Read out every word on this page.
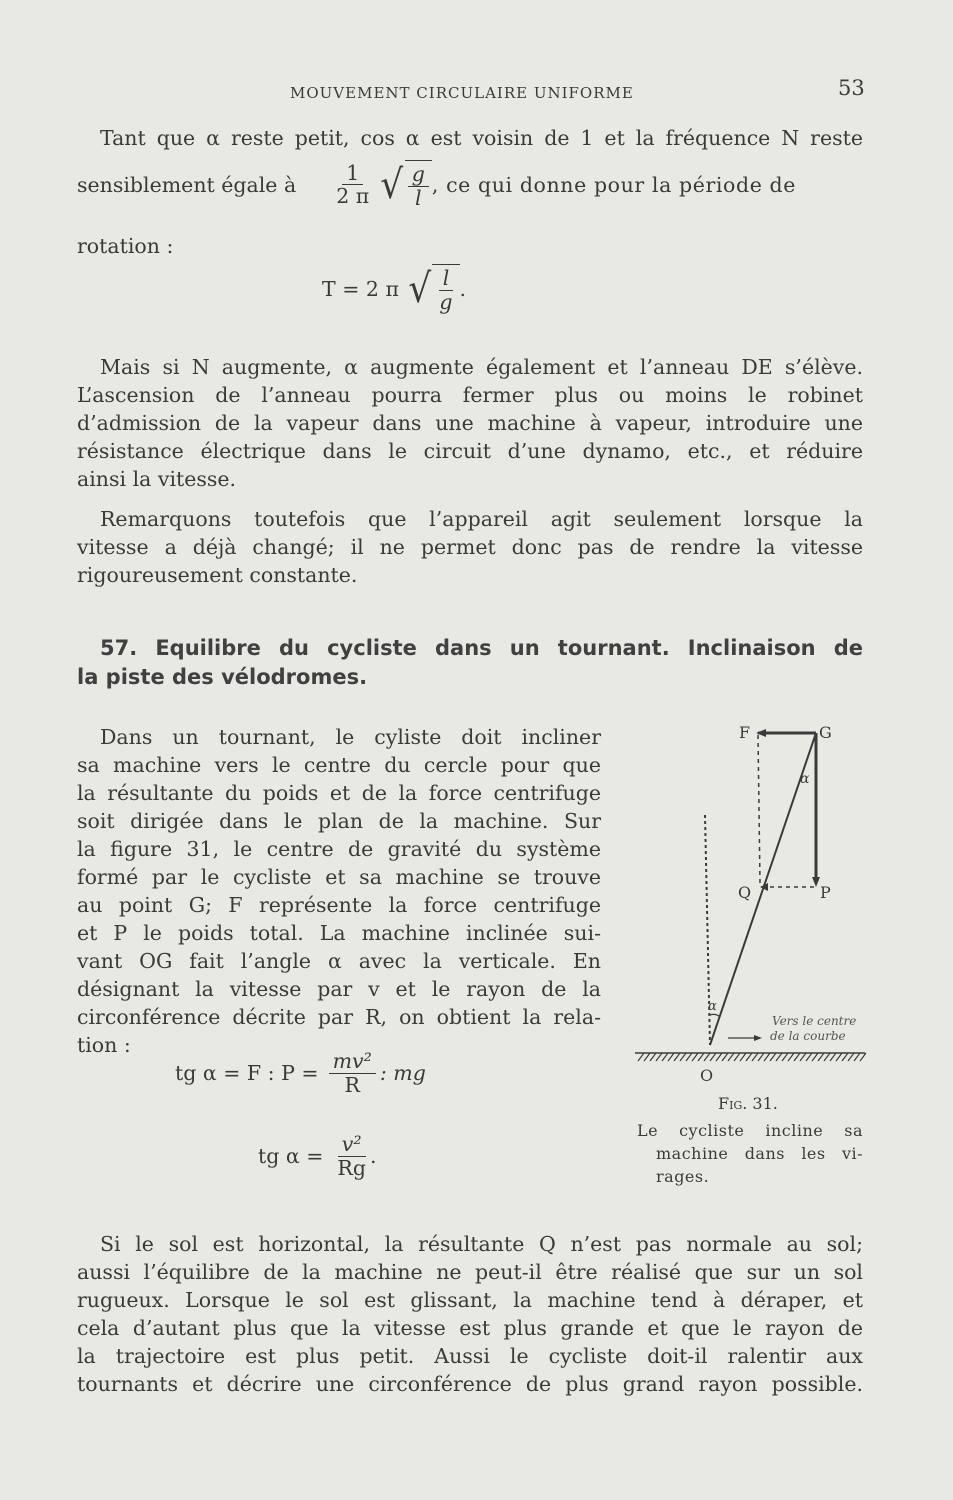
MOUVEMENT CIRCULAIRE UNIFORME	53
Tant que α reste petit, cos α est voisin de 1 et la fréquence N reste
sensiblement égale à $\frac{1}{2 \pi}$ √ $\frac{g}{l}$ , ce qui donne pour la période de
rotation :
T = 2 π √ $\frac{l}{g}$ .
Mais si N augmente, α augmente également et l’anneau DE s’élève.
L’ascension de l’anneau pourra fermer plus ou moins le robinet
d’admission de la vapeur dans une machine à vapeur, introduire une
résistance électrique dans le circuit d’une dynamo, etc., et réduire
ainsi la vitesse.
Remarquons toutefois que l’appareil agit seulement lorsque la
vitesse a déjà changé; il ne permet donc pas de rendre la vitesse
rigoureusement constante.
57. Equilibre du cycliste dans un tournant. Inclinaison de
la piste des vélodromes.
Dans un tournant, le cyliste doit incliner
sa machine vers le centre du cercle pour que
la résultante du poids et de la force centrifuge
soit dirigée dans le plan de la machine. Sur
la figure 31, le centre de gravité du système
formé par le cycliste et sa machine se trouve
au point G; F représente la force centrifuge
et P le poids total. La machine inclinée sui-
vant OG fait l’angle α avec la verticale. En
désignant la vitesse par v et le rayon de la
circonférence décrite par R, on obtient la rela-
tion :
tg α = F : $P = \frac{\text{mv²}}{R}$ : mg
tg $\alpha = \frac{\text{v²}}{Rg}$ .
F	G
α
Q	P
α
O
Vers le centre
de la courbe
Fig. 31.
Le cycliste incline sa
machine dans les vi-
rages.
Si le sol est horizontal, la résultante Q n’est pas normale au sol;
aussi l’équilibre de la machine ne peut-il être réalisé que sur un sol
rugueux. Lorsque le sol est glissant, la machine tend à déraper, et
cela d’autant plus que la vitesse est plus grande et que le rayon de
la trajectoire est plus petit. Aussi le cycliste doit-il ralentir aux
tournants et décrire une circonférence de plus grand rayon possible.
